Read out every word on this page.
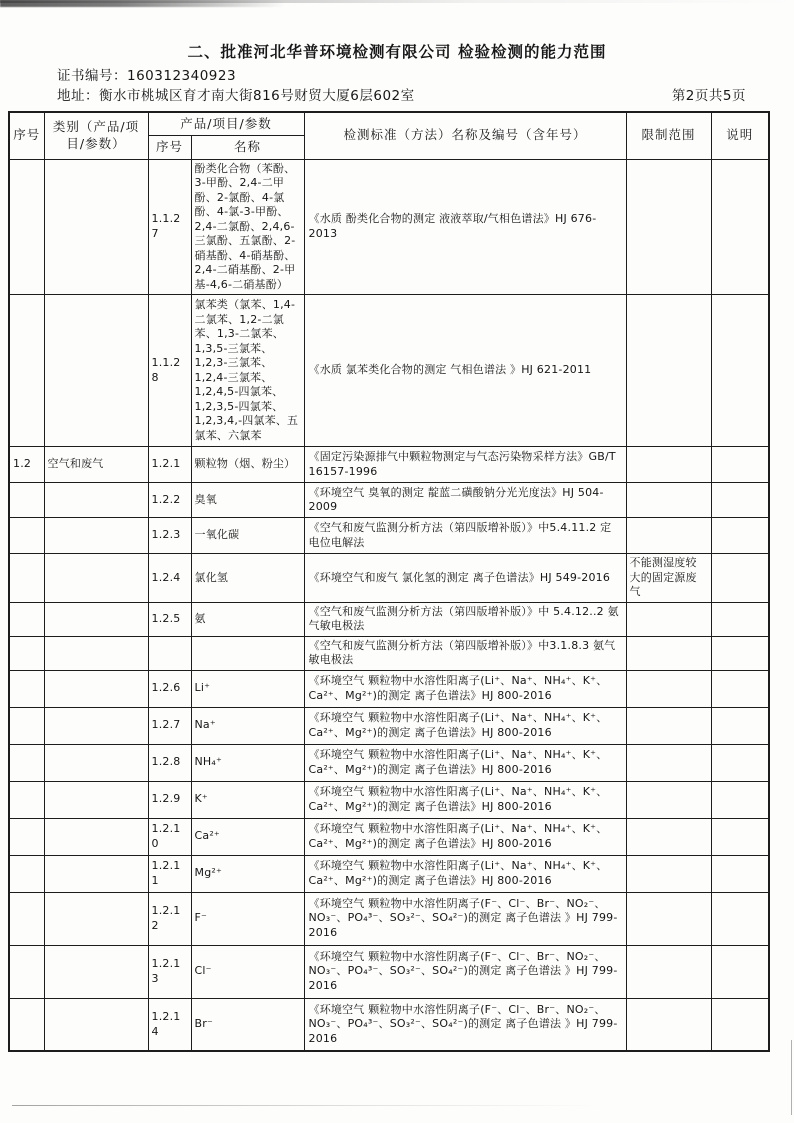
二、批准河北华普环境检测有限公司 检验检测的能力范围
证书编号：160312340923
地址：衡水市桃城区育才南大街816号财贸大厦6层602室	第2页共5页
序号	类别（产品/项目/参数）	产品/项目/参数		检测标准（方法）名称及编号（含年号）	限制范围	说明
		序号	名称			
		1.1.27	酚类化合物（苯酚、3-甲酚、2,4-二甲酚、2-氯酚、4-氯酚、4-氯-3-甲酚、2,4-二氯酚、2,4,6-三氯酚、五氯酚、2-硝基酚、4-硝基酚、2,4-二硝基酚、2-甲基-4,6-二硝基酚）	《水质 酚类化合物的测定 液液萃取/气相色谱法》HJ 676-2013		
		1.1.28	氯苯类（氯苯、1,4-二氯苯、1,2-二氯苯、1,3-二氯苯、1,3,5-三氯苯、1,2,3-三氯苯、1,2,4-三氯苯、1,2,4,5-四氯苯、1,2,3,5-四氯苯、1,2,3,4,-四氯苯、五氯苯、六氯苯	《水质 氯苯类化合物的测定 气相色谱法 》HJ 621-2011		
1.2	空气和废气	1.2.1	颗粒物（烟、粉尘）	《固定污染源排气中颗粒物测定与气态污染物采样方法》GB/T 16157-1996		
		1.2.2	臭氧	《环境空气 臭氧的测定 靛蓝二磺酸钠分光光度法》HJ 504-2009		
		1.2.3	一氧化碳	《空气和废气监测分析方法（第四版增补版）》中5.4.11.2 定电位电解法		
		1.2.4	氯化氢	《环境空气和废气 氯化氢的测定 离子色谱法》HJ 549-2016	不能测湿度较大的固定源废气	
		1.2.5	氨	《空气和废气监测分析方法（第四版增补版）》中 5.4.12..2 氨气敏电极法		
				《空气和废气监测分析方法（第四版增补版）》中3.1.8.3 氨气敏电极法		
		1.2.6	Li⁺	《环境空气 颗粒物中水溶性阳离子(Li⁺、Na⁺、NH₄⁺、K⁺、Ca²⁺、Mg²⁺)的测定 离子色谱法》HJ 800-2016		
		1.2.7	Na⁺	《环境空气 颗粒物中水溶性阳离子(Li⁺、Na⁺、NH₄⁺、K⁺、Ca²⁺、Mg²⁺)的测定 离子色谱法》HJ 800-2016		
		1.2.8	NH₄⁺	《环境空气 颗粒物中水溶性阳离子(Li⁺、Na⁺、NH₄⁺、K⁺、Ca²⁺、Mg²⁺)的测定 离子色谱法》HJ 800-2016		
		1.2.9	K⁺	《环境空气 颗粒物中水溶性阳离子(Li⁺、Na⁺、NH₄⁺、K⁺、Ca²⁺、Mg²⁺)的测定 离子色谱法》HJ 800-2016		
		1.2.10	Ca²⁺	《环境空气 颗粒物中水溶性阳离子(Li⁺、Na⁺、NH₄⁺、K⁺、Ca²⁺、Mg²⁺)的测定 离子色谱法》HJ 800-2016		
		1.2.11	Mg²⁺	《环境空气 颗粒物中水溶性阳离子(Li⁺、Na⁺、NH₄⁺、K⁺、Ca²⁺、Mg²⁺)的测定 离子色谱法》HJ 800-2016		
		1.2.12	F⁻	《环境空气 颗粒物中水溶性阴离子(F⁻、Cl⁻、Br⁻、NO₂⁻、NO₃⁻、PO₄³⁻、SO₃²⁻、SO₄²⁻)的测定 离子色谱法 》HJ 799-2016		
		1.2.13	Cl⁻	《环境空气 颗粒物中水溶性阴离子(F⁻、Cl⁻、Br⁻、NO₂⁻、NO₃⁻、PO₄³⁻、SO₃²⁻、SO₄²⁻)的测定 离子色谱法 》HJ 799-2016		
		1.2.14	Br⁻	《环境空气 颗粒物中水溶性阴离子(F⁻、Cl⁻、Br⁻、NO₂⁻、NO₃⁻、PO₄³⁻、SO₃²⁻、SO₄²⁻)的测定 离子色谱法 》HJ 799-2016		
